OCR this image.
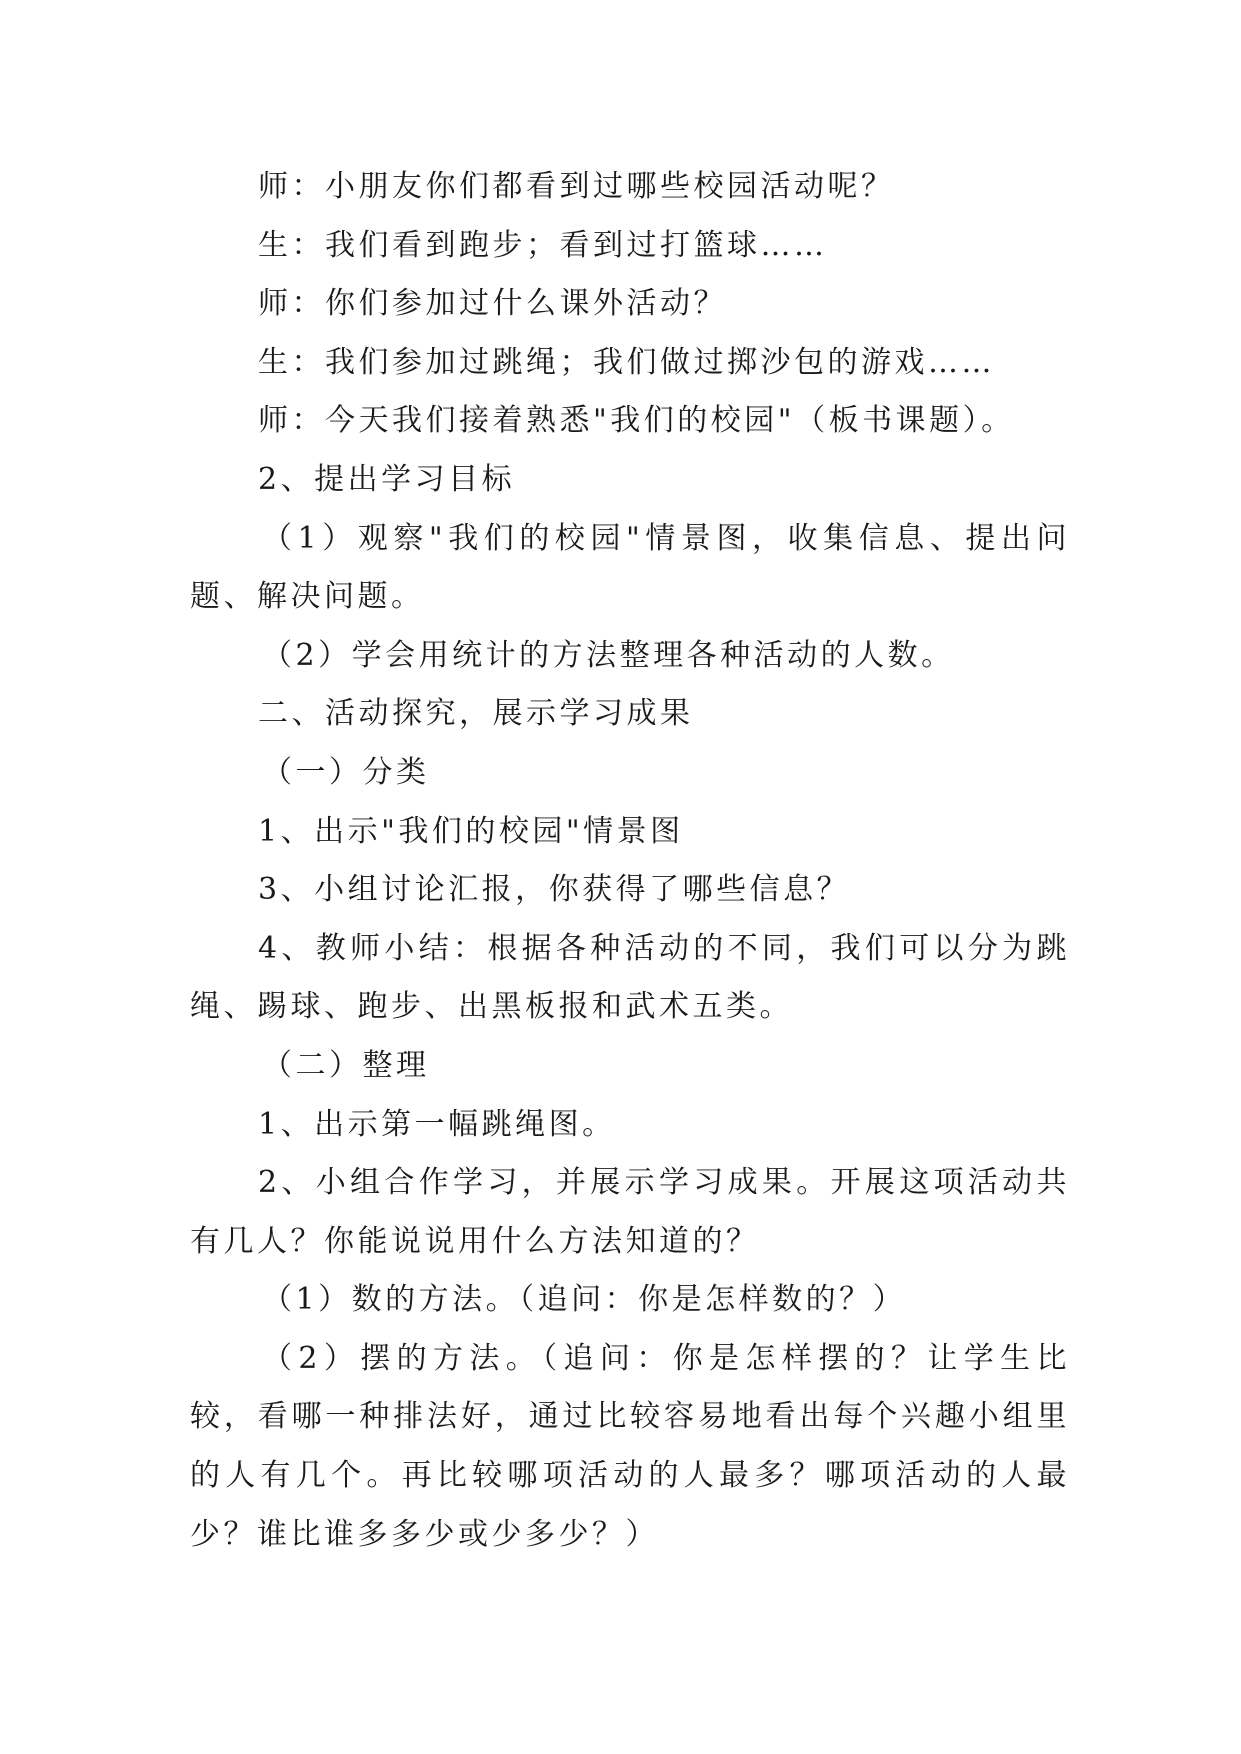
师：小朋友你们都看到过哪些校园活动呢？

生：我们看到跑步；看到过打篮球……

师：你们参加过什么课外活动？

生：我们参加过跳绳；我们做过掷沙包的游戏……

师：今天我们接着熟悉"我们的校园"（板书课题）。

2、提出学习目标

（1）观察"我们的校园"情景图，收集信息、提出问题、解决问题。

（2）学会用统计的方法整理各种活动的人数。

二、活动探究，展示学习成果

（一）分类

1、出示"我们的校园"情景图

3、小组讨论汇报，你获得了哪些信息？

4、教师小结：根据各种活动的不同，我们可以分为跳绳、踢球、跑步、出黑板报和武术五类。

（二）整理

1、出示第一幅跳绳图。

2、小组合作学习，并展示学习成果。开展这项活动共有几人？你能说说用什么方法知道的？

（1）数的方法。（追问：你是怎样数的？）

（2）摆的方法。（追问：你是怎样摆的？让学生比较，看哪一种排法好，通过比较容易地看出每个兴趣小组里的人有几个。再比较哪项活动的人最多？哪项活动的人最少？谁比谁多多少或少多少？）
